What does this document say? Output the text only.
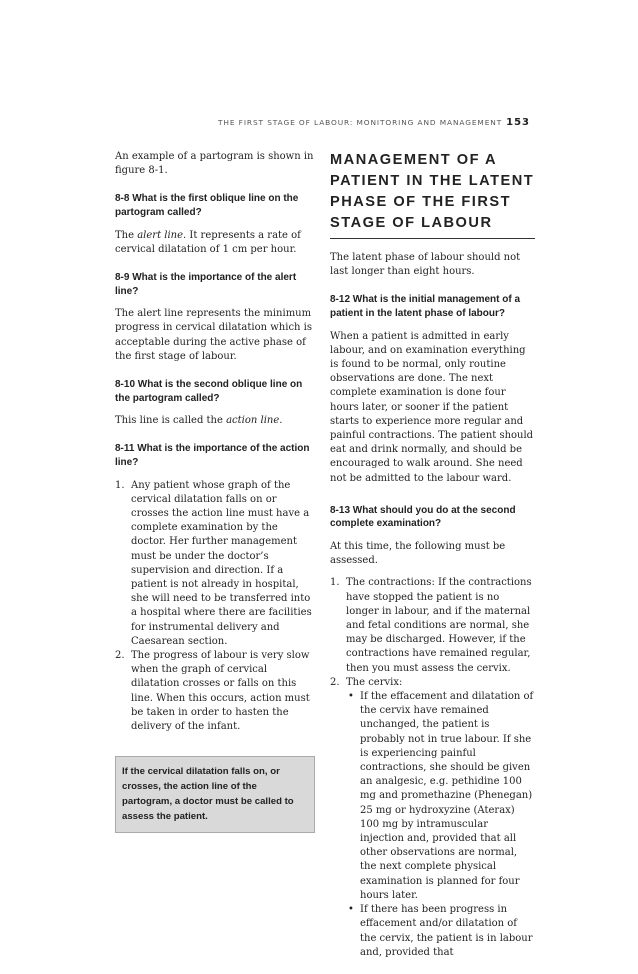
THE FIRST STAGE OF LABOUR: MONITORING AND MANAGEMENT 153

An example of a partogram is shown in figure 8-1.

8-8 What is the first oblique line on the partogram called?

The alert line. It represents a rate of cervical dilatation of 1 cm per hour.

8-9 What is the importance of the alert line?

The alert line represents the minimum progress in cervical dilatation which is acceptable during the active phase of the first stage of labour.

8-10 What is the second oblique line on the partogram called?

This line is called the action line.

8-11 What is the importance of the action line?
1. Any patient whose graph of the cervical dilatation falls on or crosses the action line must have a complete examination by the doctor. Her further management must be under the doctor’s supervision and direction. If a patient is not already in hospital, she will need to be transferred into a hospital where there are facilities for instrumental delivery and Caesarean section.
2. The progress of labour is very slow when the graph of cervical dilatation crosses or falls on this line. When this occurs, action must be taken in order to hasten the delivery of the infant.
If the cervical dilatation falls on, or crosses, the action line of the partogram, a doctor must be called to assess the patient.
MANAGEMENT OF A PATIENT IN THE LATENT PHASE OF THE FIRST STAGE OF LABOUR

The latent phase of labour should not last longer than eight hours.

8-12 What is the initial management of a patient in the latent phase of labour?

When a patient is admitted in early labour, and on examination everything is found to be normal, only routine observations are done. The next complete examination is done four hours later, or sooner if the patient starts to experience more regular and painful contractions. The patient should eat and drink normally, and should be encouraged to walk around. She need not be admitted to the labour ward.

8-13 What should you do at the second complete examination?

At this time, the following must be assessed.

1. The contractions: If the contractions have stopped the patient is no longer in labour, and if the maternal and fetal conditions are normal, she may be discharged. However, if the contractions have remained regular, then you must assess the cervix.
2. The cervix:
• If the effacement and dilatation of the cervix have remained unchanged, the patient is probably not in true labour. If she is experiencing painful contractions, she should be given an analgesic, e.g. pethidine 100 mg and promethazine (Phenegan) 25 mg or hydroxyzine (Aterax) 100 mg by intramuscular injection and, provided that all other observations are normal, the next complete physical examination is planned for four hours later.
• If there has been progress in effacement and/or dilatation of the cervix, the patient is in labour and, provided that
